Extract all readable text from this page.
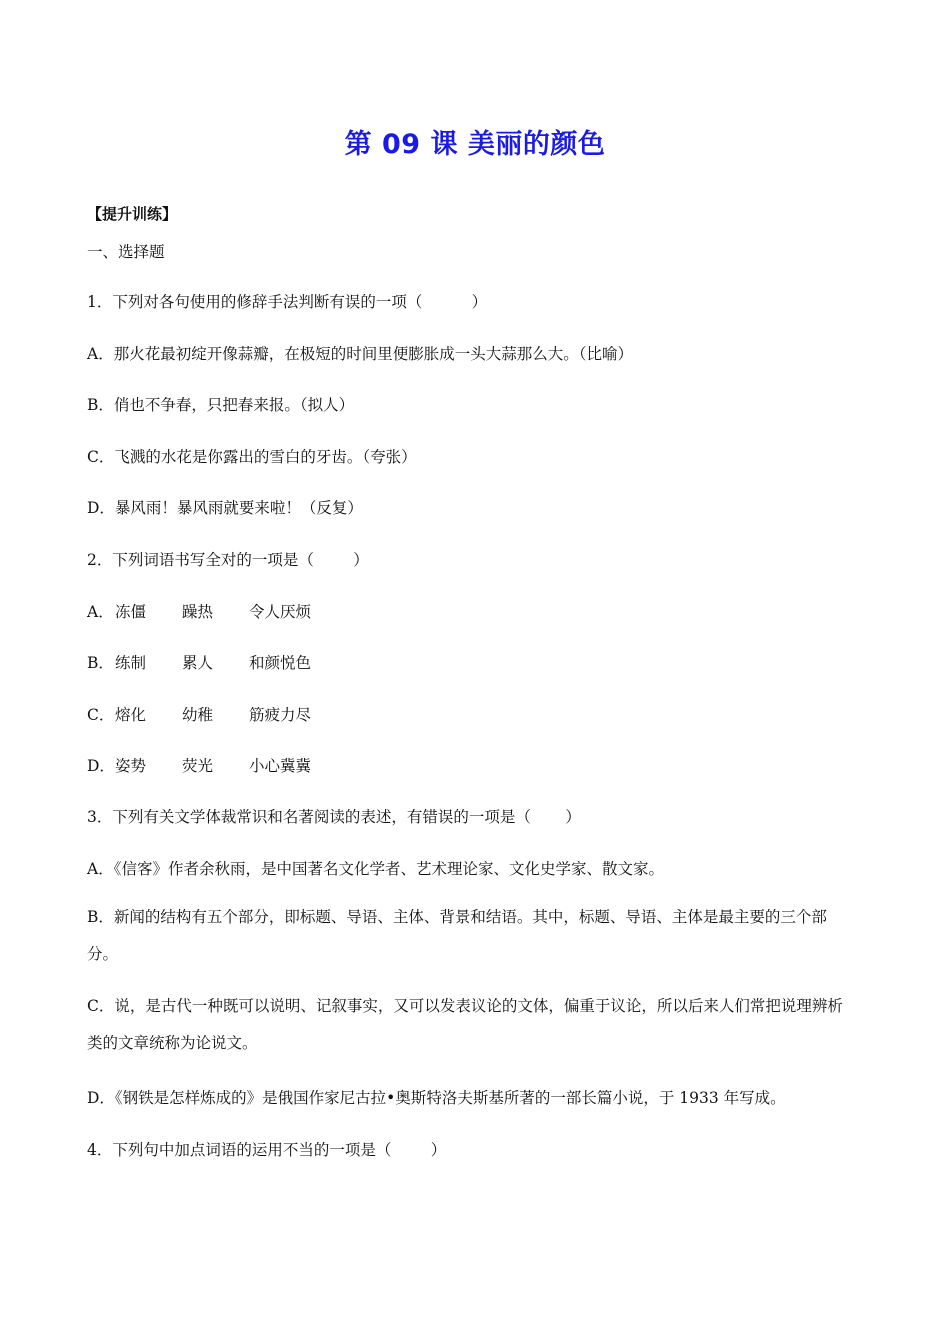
第 09 课 美丽的颜色
【提升训练】
一、选择题
1．下列对各句使用的修辞手法判断有误的一项（          ）
A．那火花最初绽开像蒜瓣，在极短的时间里便膨胀成一头大蒜那么大。（比喻）
B．俏也不争春，只把春来报。（拟人）
C．飞溅的水花是你露出的雪白的牙齿。（夸张）
D．暴风雨！暴风雨就要来啦！（反复）
2．下列词语书写全对的一项是（        ）
A． 冻僵 躁热 令人厌烦
B． 练制 累人 和颜悦色
C． 熔化 幼稚 筋疲力尽
D． 姿势 荧光 小心冀冀
3．下列有关文学体裁常识和名著阅读的表述，有错误的一项是（       ）
A．《信客》作者余秋雨，是中国著名文化学者、艺术理论家、文化史学家、散文家。
B．新闻的结构有五个部分，即标题、导语、主体、背景和结语。其中，标题、导语、主体是最主要的三个部分。
C．说，是古代一种既可以说明、记叙事实，又可以发表议论的文体，偏重于议论，所以后来人们常把说理辨析类的文章统称为论说文。
D．《钢铁是怎样炼成的》是俄国作家尼古拉•奥斯特洛夫斯基所著的一部长篇小说，于 1933 年写成。
4．下列句中加点词语的运用不当的一项是（        ）
